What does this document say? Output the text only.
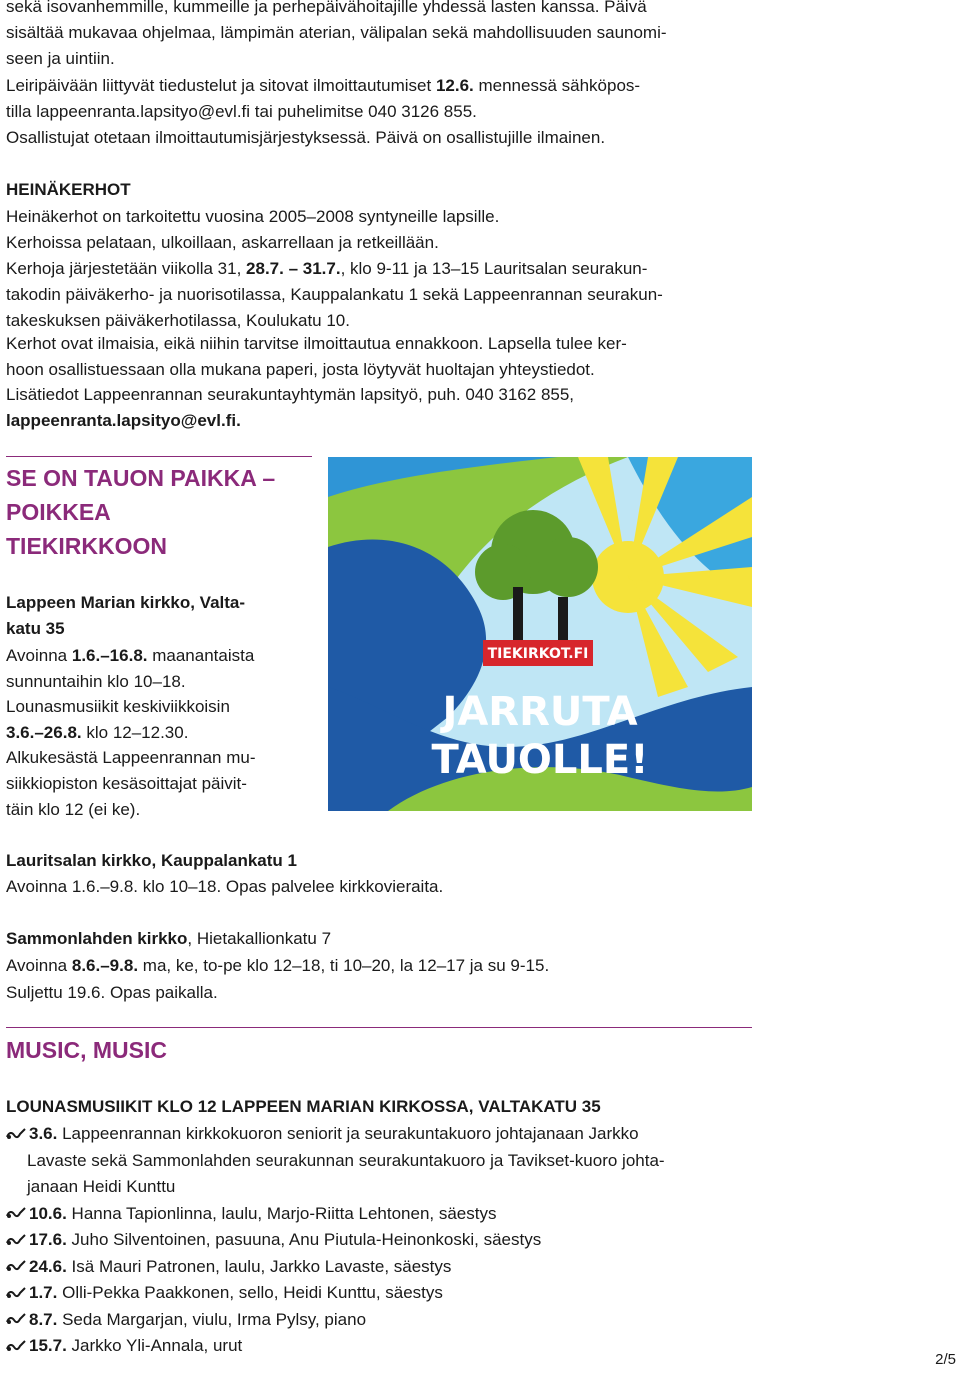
sekä isovanhemmille, kummeille ja perhepäivähoitajille yhdessä lasten kanssa. Päivä
sisältää mukavaa ohjelmaa, lämpimän aterian, välipalan sekä mahdollisuuden saunomi-
seen ja uintiin.
Leiripäivään liittyvät tiedustelut ja sitovat ilmoittautumiset 12.6. mennessä sähköpos-
tilla lappeenranta.lapsityo@evl.fi tai puhelimitse 040 3126 855.
Osallistujat otetaan ilmoittautumisjärjestyksessä. Päivä on osallistujille ilmainen.
HEINÄKERHOT
Heinäkerhot on tarkoitettu vuosina 2005–2008 syntyneille lapsille.
Kerhoissa pelataan, ulkoillaan, askarrellaan ja retkeillään.
Kerhoja järjestetään viikolla 31, 28.7. – 31.7., klo 9-11 ja 13–15 Lauritsalan seurakun-
takodin päiväkerho- ja nuorisotilassa, Kauppalankatu 1 sekä Lappeenrannan seurakun-
takeskuksen päiväkerhotilassa, Koulukatu 10.
Kerhot ovat ilmaisia, eikä niihin tarvitse ilmoittautua ennakkoon. Lapsella tulee ker-
hoon osallistuessaan olla mukana paperi, josta löytyvät huoltajan yhteystiedot.
Lisätiedot Lappeenrannan seurakuntayhtymän lapsityö, puh. 040 3162 855,
lappeenranta.lapsityo@evl.fi.
SE ON TAUON PAIKKA –
POIKKEA
TIEKIRKKOON
Lappeen Marian kirkko, Valta-
katu 35
Avoinna 1.6.–16.8. maanantaista
sunnuntaihin klo 10–18.
Lounasmusiikit keskiviikkoisin
3.6.–26.8. klo 12–12.30.
Alkukesästä Lappeenrannan mu-
siikkiopiston kesäsoittajat päivit-
täin klo 12 (ei ke).
TIEKIRKOT.FI
JARRUTA
TAUOLLE!
Lauritsalan kirkko, Kauppalankatu 1
Avoinna 1.6.–9.8. klo 10–18. Opas palvelee kirkkovieraita.
Sammonlahden kirkko, Hietakallionkatu 7
Avoinna 8.6.–9.8. ma, ke, to-pe klo 12–18, ti 10–20, la 12–17 ja su 9-15.
Suljettu 19.6. Opas paikalla.
MUSIC, MUSIC
LOUNASMUSIIKIT KLO 12 LAPPEEN MARIAN KIRKOSSA, VALTAKATU 35
3.6. Lappeenrannan kirkkokuoron seniorit ja seurakuntakuoro johtajanaan Jarkko
Lavaste sekä Sammonlahden seurakunnan seurakuntakuoro ja Tavikset-kuoro johta-
janaan Heidi Kunttu
10.6. Hanna Tapionlinna, laulu, Marjo-Riitta Lehtonen, säestys
17.6. Juho Silventoinen, pasuuna, Anu Piutula-Heinonkoski, säestys
24.6. Isä Mauri Patronen, laulu, Jarkko Lavaste, säestys
1.7. Olli-Pekka Paakkonen, sello, Heidi Kunttu, säestys
8.7. Seda Margarjan, viulu, Irma Pylsy, piano
15.7. Jarkko Yli-Annala, urut
2/5
